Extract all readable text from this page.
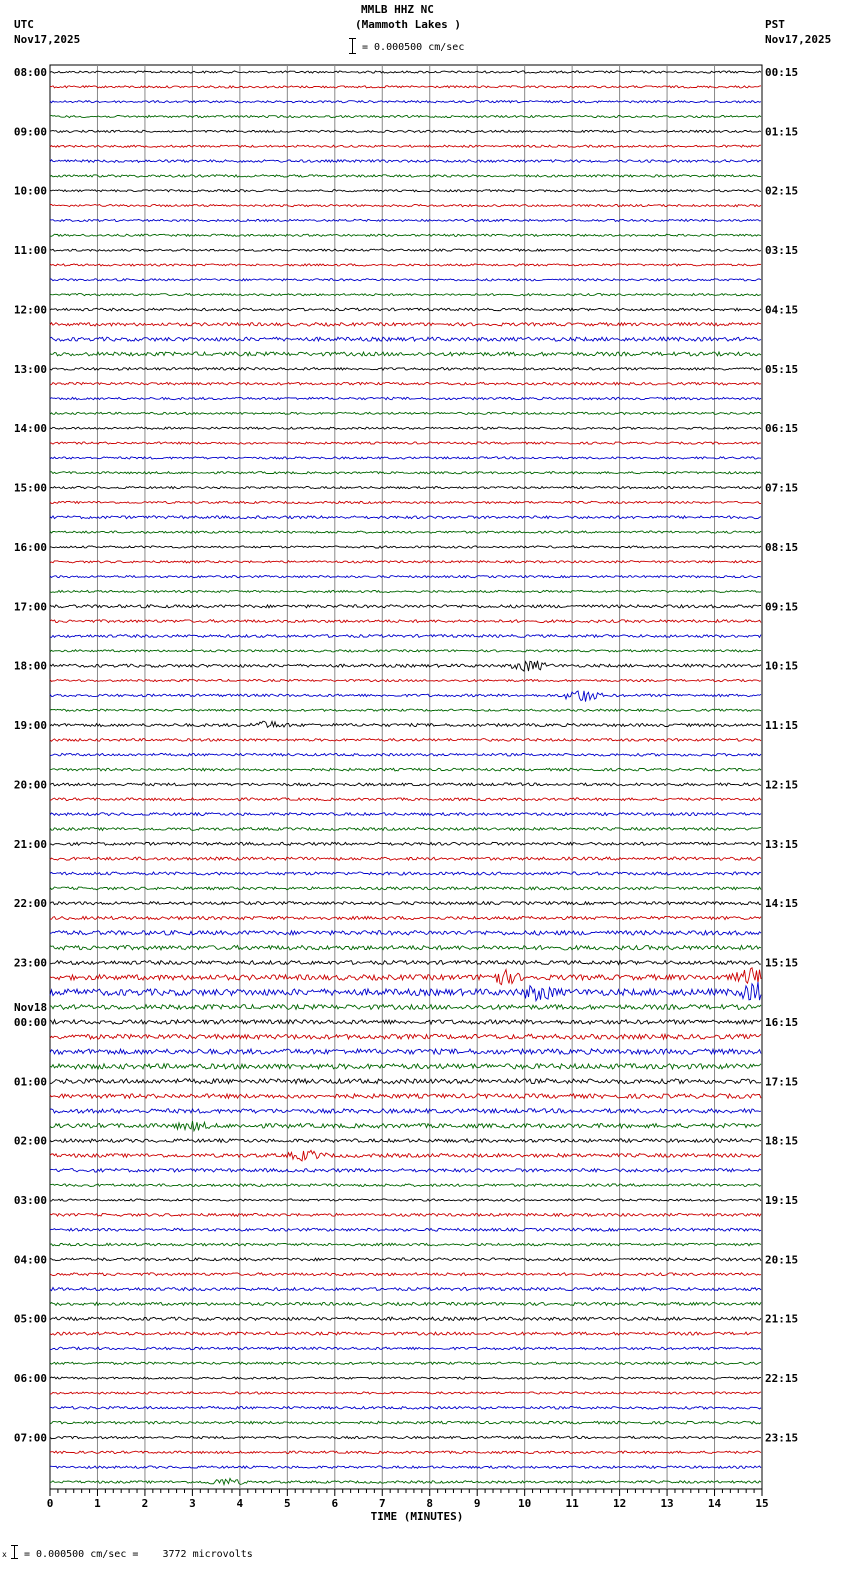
MMLB HHZ NC
(Mammoth Lakes )
= 0.000500 cm/sec
UTC
Nov17,2025
PST
Nov17,2025
08:00
09:00
10:00
11:00
12:00
13:00
14:00
15:00
16:00
17:00
18:00
19:00
20:00
21:00
22:00
23:00
00:00
01:00
02:00
03:00
04:00
05:00
06:00
07:00
00:15
01:15
02:15
03:15
04:15
05:15
06:15
07:15
08:15
09:15
10:15
11:15
12:15
13:15
14:15
15:15
16:15
17:15
18:15
19:15
20:15
21:15
22:15
23:15
Nov18
0	1	2	3	4	5	6	7	8	9	10	11	12	13	14	15
TIME (MINUTES)
x = 0.000500 cm/sec =    3772 microvolts
